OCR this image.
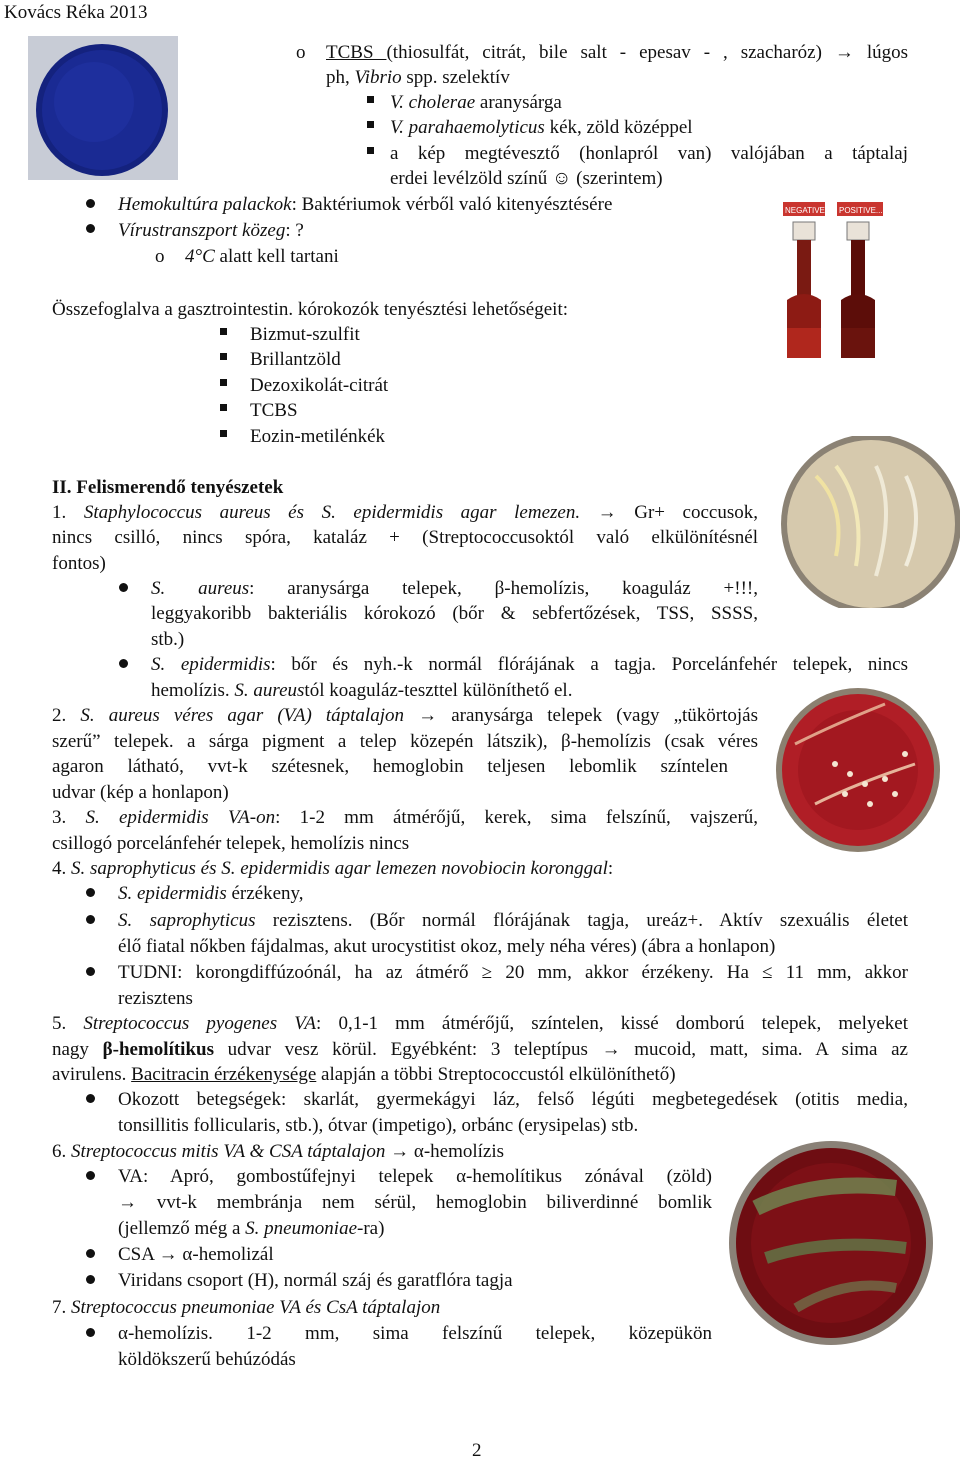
Kovács Réka 2013
o TCBS (thiosulfát, citrát, bile salt - epesav - , szacharóz) → lúgos
ph, Vibrio spp. szelektív
V. cholerae aranysárga
V. parahaemolyticus kék, zöld középpel
a kép megtévesztő (honlapról van) valójában a táptalaj
erdei levélzöld színű ☺ (szerintem)
Hemokultúra palackok: Baktériumok vérből való kitenyésztésére
Vírustranszport közeg: ?
o 4°C alatt kell tartani
NEGATIVE... POSITIVE...
Összefoglalva a gasztrointestin. kórokozók tenyésztési lehetőségeit:
Bizmut-szulfit
Brillantzöld
Dezoxikolát-citrát
TCBS
Eozin-metilénkék
II. Felismerendő tenyészetek
1. Staphylococcus aureus és S. epidermidis agar lemezen. → Gr+ coccusok,
nincs csilló, nincs spóra, kataláz + (Streptococcusoktól való elkülönítésnél
fontos)
S. aureus: aranysárga telepek, β-hemolízis, koaguláz +!!!,
leggyakoribb bakteriális kórokozó (bőr & sebfertőzések, TSS, SSSS,
stb.)
S. epidermidis: bőr és nyh.-k normál flórájának a tagja. Porcelánfehér telepek, nincs
hemolízis. S. aureustól koaguláz-teszttel különíthető el.
2. S. aureus véres agar (VA) táptalajon → aranysárga telepek (vagy „tükörtojás
szerű” telepek. a sárga pigment a telep közepén látszik), β-hemolízis (csak véres
agaron látható, vvt-k szétesnek, hemoglobin teljesen lebomlik színtelen
udvar (kép a honlapon)
3. S. epidermidis VA-on: 1-2 mm átmérőjű, kerek, sima felszínű, vajszerű,
csillogó porcelánfehér telepek, hemolízis nincs
4. S. saprophyticus és S. epidermidis agar lemezen novobiocin koronggal:
S. epidermidis érzékeny,
S. saprophyticus rezisztens. (Bőr normál flórájának tagja, ureáz+. Aktív szexuális életet
élő fiatal nőkben fájdalmas, akut urocystitist okoz, mely néha véres) (ábra a honlapon)
TUDNI: korongdiffúzoónál, ha az átmérő ≥ 20 mm, akkor érzékeny. Ha ≤ 11 mm, akkor
rezisztens
5. Streptococcus pyogenes VA: 0,1-1 mm átmérőjű, színtelen, kissé domború telepek, melyeket
nagy β-hemolítikus udvar vesz körül. Egyébként: 3 teleptípus → mucoid, matt, sima. A sima az
avirulens. Bacitracin érzékenysége alapján a többi Streptococcustól elkülöníthető)
Okozott betegségek: skarlát, gyermekágyi láz, felső légúti megbetegedések (otitis media,
tonsillitis follicularis, stb.), ótvar (impetigo), orbánc (erysipelas) stb.
6. Streptococcus mitis VA & CSA táptalajon → α-hemolízis
VA: Apró, gombostűfejnyi telepek α-hemolítikus zónával (zöld)
→ vvt-k membránja nem sérül, hemoglobin biliverdinné bomlik
(jellemző még a S. pneumoniae-ra)
CSA → α-hemolizál
Viridans csoport (H), normál száj és garatflóra tagja
7. Streptococcus pneumoniae VA és CsA táptalajon
α-hemolízis. 1-2 mm, sima felszínű telepek, közepükön
köldökszerű behúzódás
2
